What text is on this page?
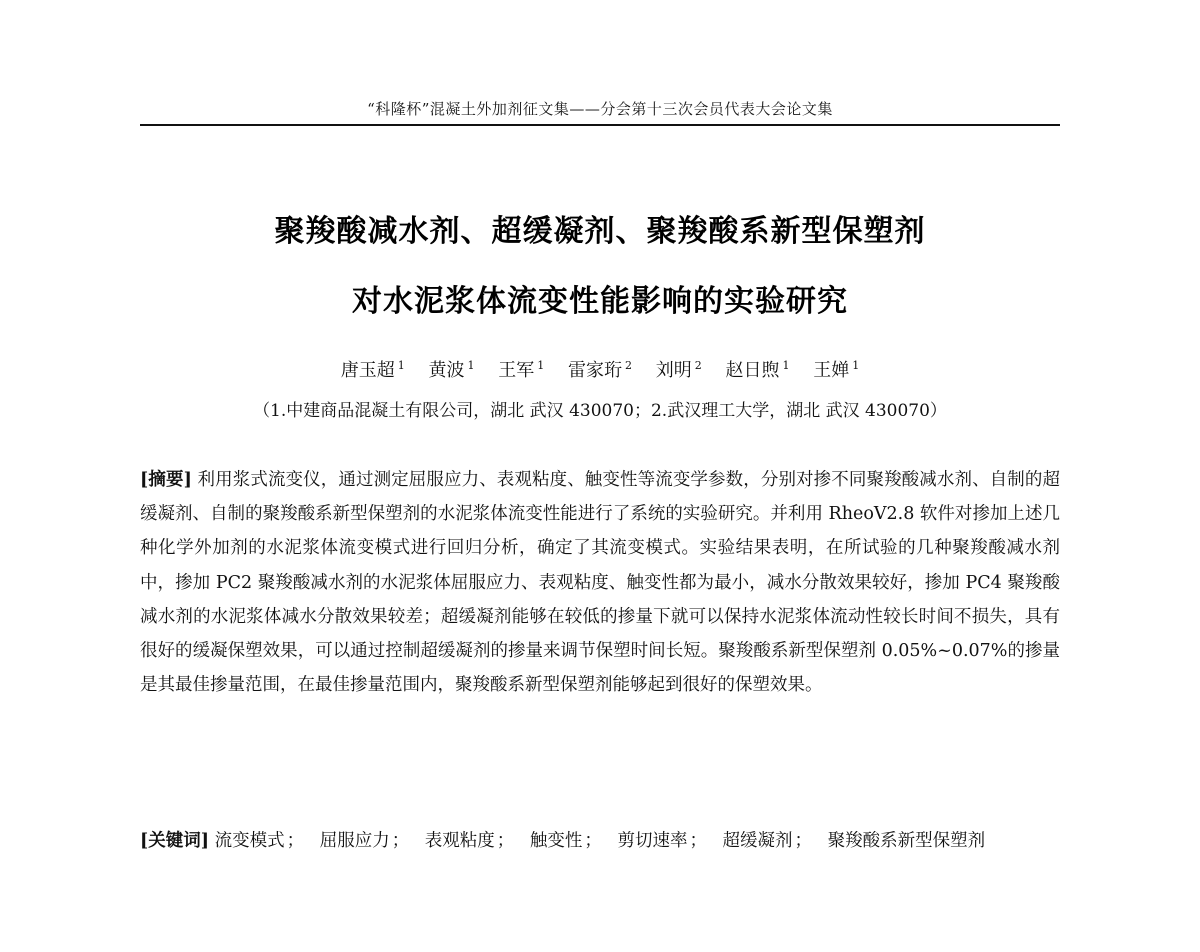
“科隆杯”混凝土外加剂征文集——分会第十三次会员代表大会论文集
聚羧酸减水剂、超缓凝剂、聚羧酸系新型保塑剂
对水泥浆体流变性能影响的实验研究
唐玉超 $^1$ 黄波 $^1$ 王军 $^1$ 雷家珩 $^2$ 刘明 $^2$ 赵日煦 $^1$ 王婵 $^1$
（1.中建商品混凝土有限公司，湖北 武汉 430070；2.武汉理工大学，湖北 武汉 430070）
[摘要] 利用浆式流变仪，通过测定屈服应力、表观粘度、触变性等流变学参数，分别对掺不同聚羧酸减水剂、自制的超缓凝剂、自制的聚羧酸系新型保塑剂的水泥浆体流变性能进行了系统的实验研究。并利用 RheoV2.8 软件对掺加上述几种化学外加剂的水泥浆体流变模式进行回归分析，确定了其流变模式。实验结果表明，在所试验的几种聚羧酸减水剂中，掺加 PC2 聚羧酸减水剂的水泥浆体屈服应力、表观粘度、触变性都为最小，减水分散效果较好，掺加 PC4 聚羧酸减水剂的水泥浆体减水分散效果较差；超缓凝剂能够在较低的掺量下就可以保持水泥浆体流动性较长时间不损失，具有很好的缓凝保塑效果，可以通过控制超缓凝剂的掺量来调节保塑时间长短。聚羧酸系新型保塑剂 0.05%~0.07%的掺量是其最佳掺量范围，在最佳掺量范围内，聚羧酸系新型保塑剂能够起到很好的保塑效果。
[关键词] 流变模式 ； 屈服应力 ； 表观粘度 ； 触变性 ； 剪切速率 ； 超缓凝剂 ； 聚羧酸系新型保塑剂
